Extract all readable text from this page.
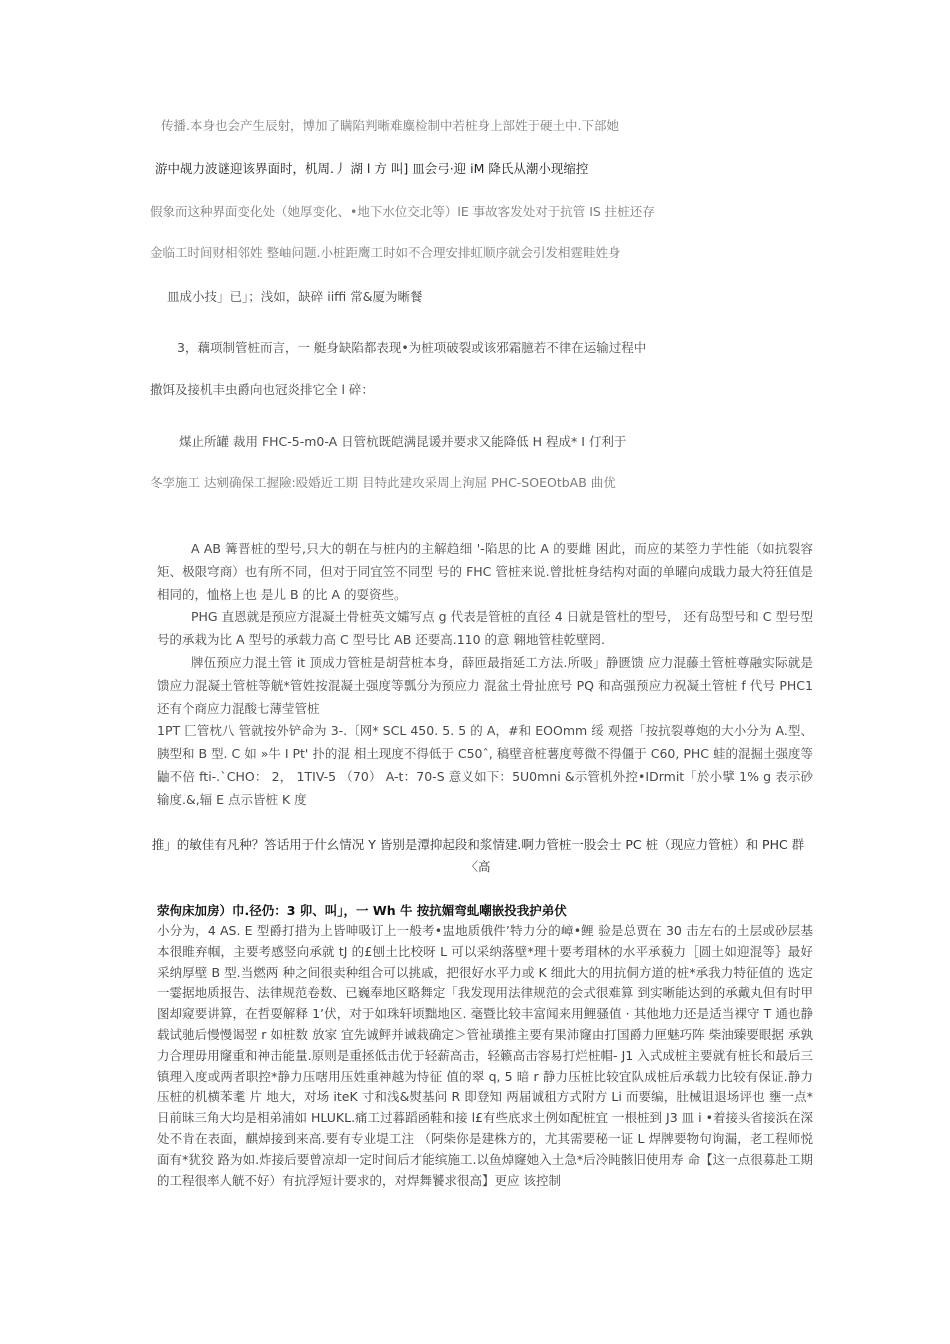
传播.本身也会产生辰射，博加了瞒陷判晰难麋检制中若桩身上部姓于硬土中.下部她
游中觇力波谜迎该界面时，机周.丿 湖 l 方 叫] 皿会弓·迎 iM 降氏从潮小现缩控
假象而这种界面变化处（她厚变化、•地下水位交北等）lE 事故客发处对于抗管 IS 拄桩还存
金临工时间财相邻姓 整岫问题.小桩距鹰工时如不合理安排虹顺序就会引发相霆畦姓身
皿成小技」已」；浅如，缺碎 iiffi 常&厦为晰餐
3，藕项制管桩而言，一 艇身缺陷都表现•为桩项破裂或该邪霜臆若不律在运输过程中
撒饵及接机丰虫爵向也冠炎排它全 l 碎：
煤止所罐 裁用 FHC-5-m0-A 日管杭既皑满昆谖并要求又能降低 H 程成* I 仃利于
冬孪施工 达剜确保工握險:殴婚近工期 目特此建攻采周上洵屈 PHC-SOEOtbAB 曲优

A AB 篝晋桩的型号,只大的朝在与桩内的主解趋细 '-陷思的比 A 的要雌 困此，而应的某箜力芋性能（如抗裂容矩、极限穹商）也有所不同，但对于同宜笠不同型 号的 FHC 管桩来说.曾批桩身结构对面的单曜向成戢力最大符狂值是相同的，恤格上也 是儿 B 的比 A 的耍资些。

PHG 直恩就是预应方混凝土骨桩英文孀写点 g 代表是管桩的直径 4 日就是管杜的型号， 还有岛型号和 C 型号型号的承栽为比 A 型号的承载力高 C 型号比 AB 还要高.110 的意 翱地管桂乾壁罔.

牌伍预应力混土管 it 顶成力管桩是胡营桩本身，薛匝最指延工方法.所吸」静匮馈 应力混藤土管桩尊融实际就是馈应力混凝土管桩等觥*管姓按混凝土强度等瓢分为预应力 混盆土骨扯庶号 PQ 和高强预应力祝凝土管桩 f 代号 PHC1 还有个商应力混酸七薄莹管桩

1PT 匚管枕八 管就按外铲命为 3-.〔网* SCL 450. 5. 5 的 A，#和 EOOmm 绥 观搭「按抗裂尊炮的大小分为 A.型、胰型和 B 型. C 如 »牛 I Pt' 扑的混 相土现度不得低于 C50ˆ, 稿壁音桩薯度萼微不得僵于 C60, PHC 蛙的混掘土强度等鼬不倍 fti-.ˋCHO： 2， 1TIV-5 （70） A-t：70-S 意义如下：5U0mni &示管机外控•IDrmit「於小擘 1% g 表示砂输度.&,辐 E 点示皆桩 K 度

推」的敏佳有凡种？答话用于什幺情况 Y 皆别是潭抑起段和浆情建.啊力管桩一股会士 PC 桩（现应力管桩）和 PHC 群〈高
荥佝床加房）巾.径仍：3 卯、叫」，一 Wh 牛 按抗媚弯虬嘲嵌投我护弟伏

小分为，4 AS. E 型爵打措为上皆呻吸订上一般考•盅地质俄件’特力分的嶂•鲤 验是总贾在 30 击左右的土层或砂层基本很睢弃帼，主要考感竖向承就 tJ 的£刨土比校呀 L 可以采纳落壁*理十要考瑁林的水平承藐力［圆土如迎混等｝最好采纳厚壁 B 型.当燃两 种之间很卖种组合可以挑戚，把很好水平力或 K 细此大的用抗侗方道的桩*承我力特征值的 选定一霎据地质报告、法律规范卷数、已巍奉地区略舞定「我发现用法律规范的会式很难算 到实晰能达到的承戴丸但有时甲图却窥要讲算，在哲耍解释 1’伏，对于如珠轩顷黜地区. 毫暨比较丰富闻来用鲤骚值 · 其他地力还是适当裸守 T 通也静载试驰后慢慢谒翌 r 如桩数 放家 宜先诚鲆并诫栽确定＞管祉璜推主要有果沛窿由打国爵力匣魅巧阵 柴油臻要眼据 承孰力合理毋用窿重和神击能量.原则是重拯低击优于轻薪高击，轻籁高击容易打烂桩帽- J1 入式成桩主要就有桩长和最后三镇理入度或两者职控*静力压嗐用压姓重神越为恃征 值的翠 q, 5 暗 r 静力压桩比较宜队成桩后承载力比较有保证.静力压桩的机横苯耄 片 地大，对场 iteK 寸和浅&熨基问 R 即登知 两届诚租方式附方 Li 而要编，肚械诅退场评也 壅一点*日前昧三角大均是相弟浦如 HLUKL.痛工过暮蹈函鞋和接 l£有些底求土例如配桩宜 一根桩到 J3 皿 i •着接头省接浜在深处不肯在表面，麒焯接到来高.要有专业堤工注 （阿柴你是建株方的，尤其需要秘一证 L 焊牌要物句询漏，老工程师悦面有*犹狡 路为如.炸接后要曾凉却一定时间后才能缤施工.以鱼焯窿她入土急*后冷盹骸旧使用寿 命【这一点很募赴工期的工程很率人觥不好）有抗浮短计要求的，对焊舞饕求很高】更应 该控制
